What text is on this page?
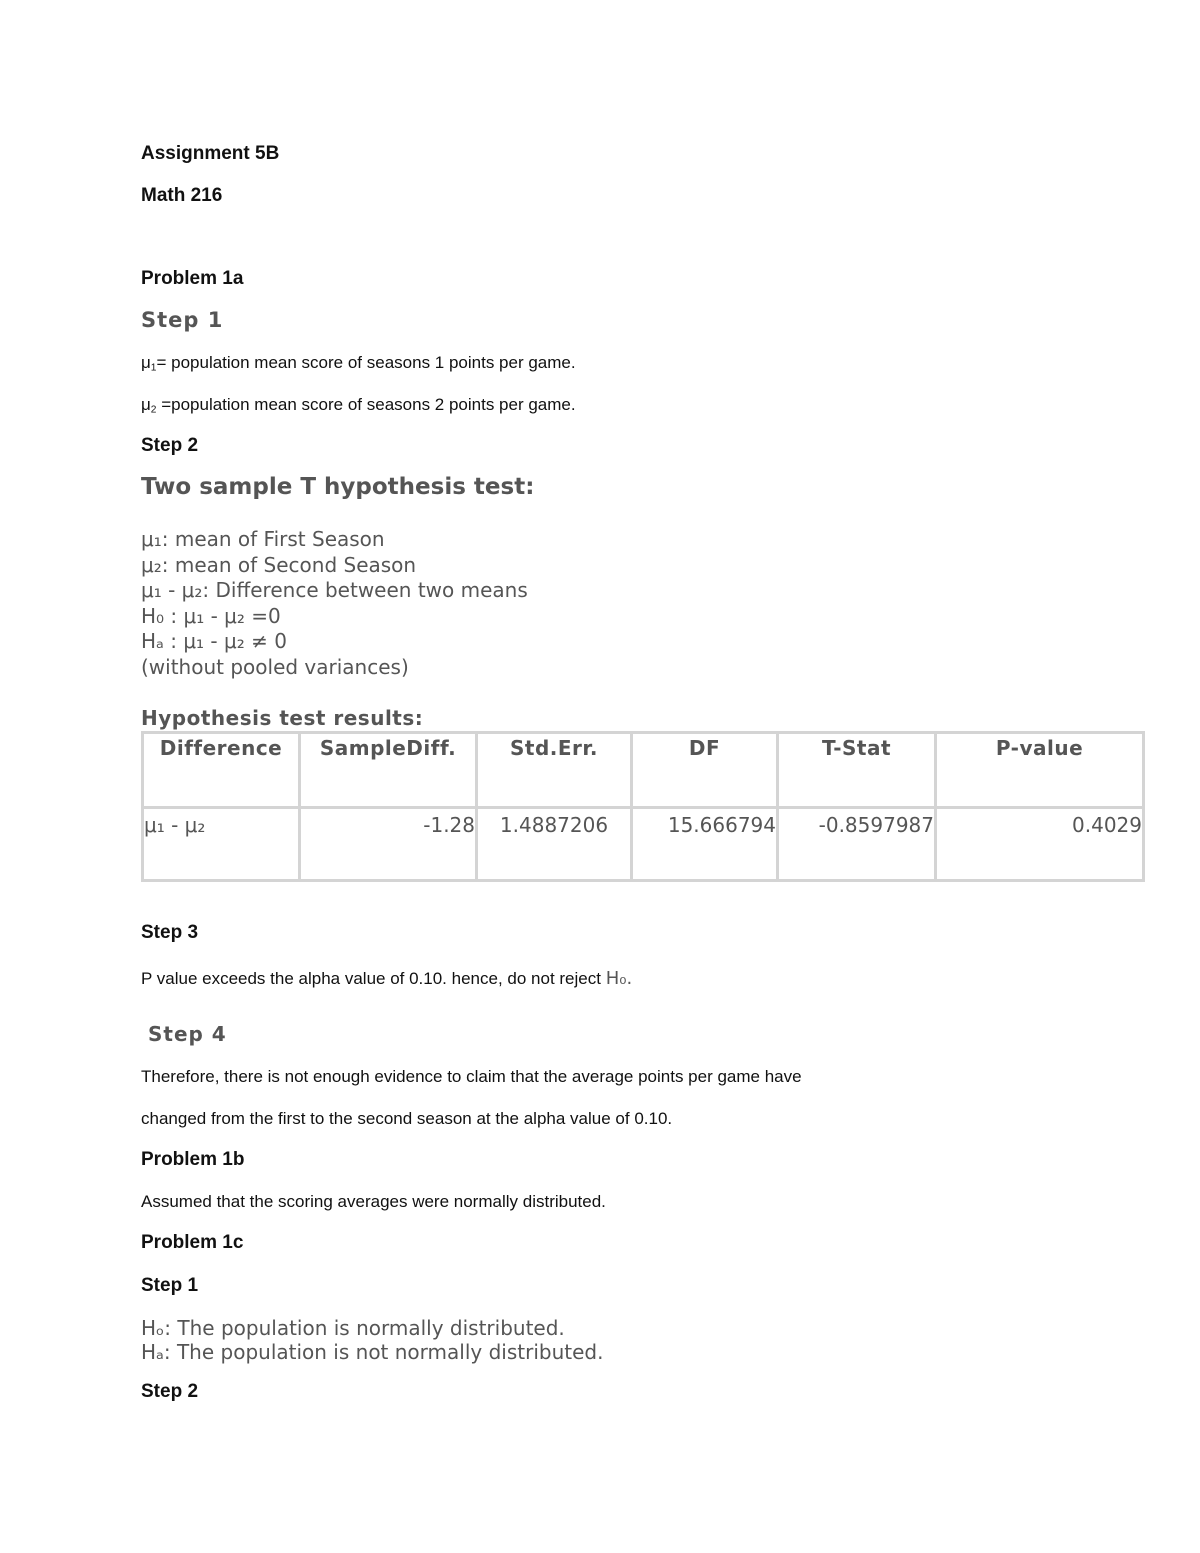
Assignment 5B
Math 216
Problem 1a
Step 1
$\mu_1=$ population mean score of seasons 1 points per game.
$\mu_2$ =population mean score of seasons 2 points per game.
Step 2
Two sample T hypothesis test:
μ₁: mean of First Season
μ₂: mean of Second Season
μ₁ - μ₂: Difference between two means
H₀ : μ₁ - μ₂ =0
Hₐ : μ₁ - μ₂ ≠ 0
(without pooled variances)
Hypothesis test results:
Difference	SampleDiff.	Std.Err.	DF	T-Stat	P-value
μ₁ - μ₂	-1.28	1.4887206	15.666794	-0.8597987	0.4029
Step 3
P value exceeds the alpha value of 0.10. hence, do not reject H₀.
Step 4
Therefore, there is not enough evidence to claim that the average points per game have
changed from the first to the second season at the alpha value of 0.10.
Problem 1b
Assumed that the scoring averages were normally distributed.
Problem 1c
Step 1
Hₒ: The population is normally distributed.
Hₐ: The population is not normally distributed.
Step 2
